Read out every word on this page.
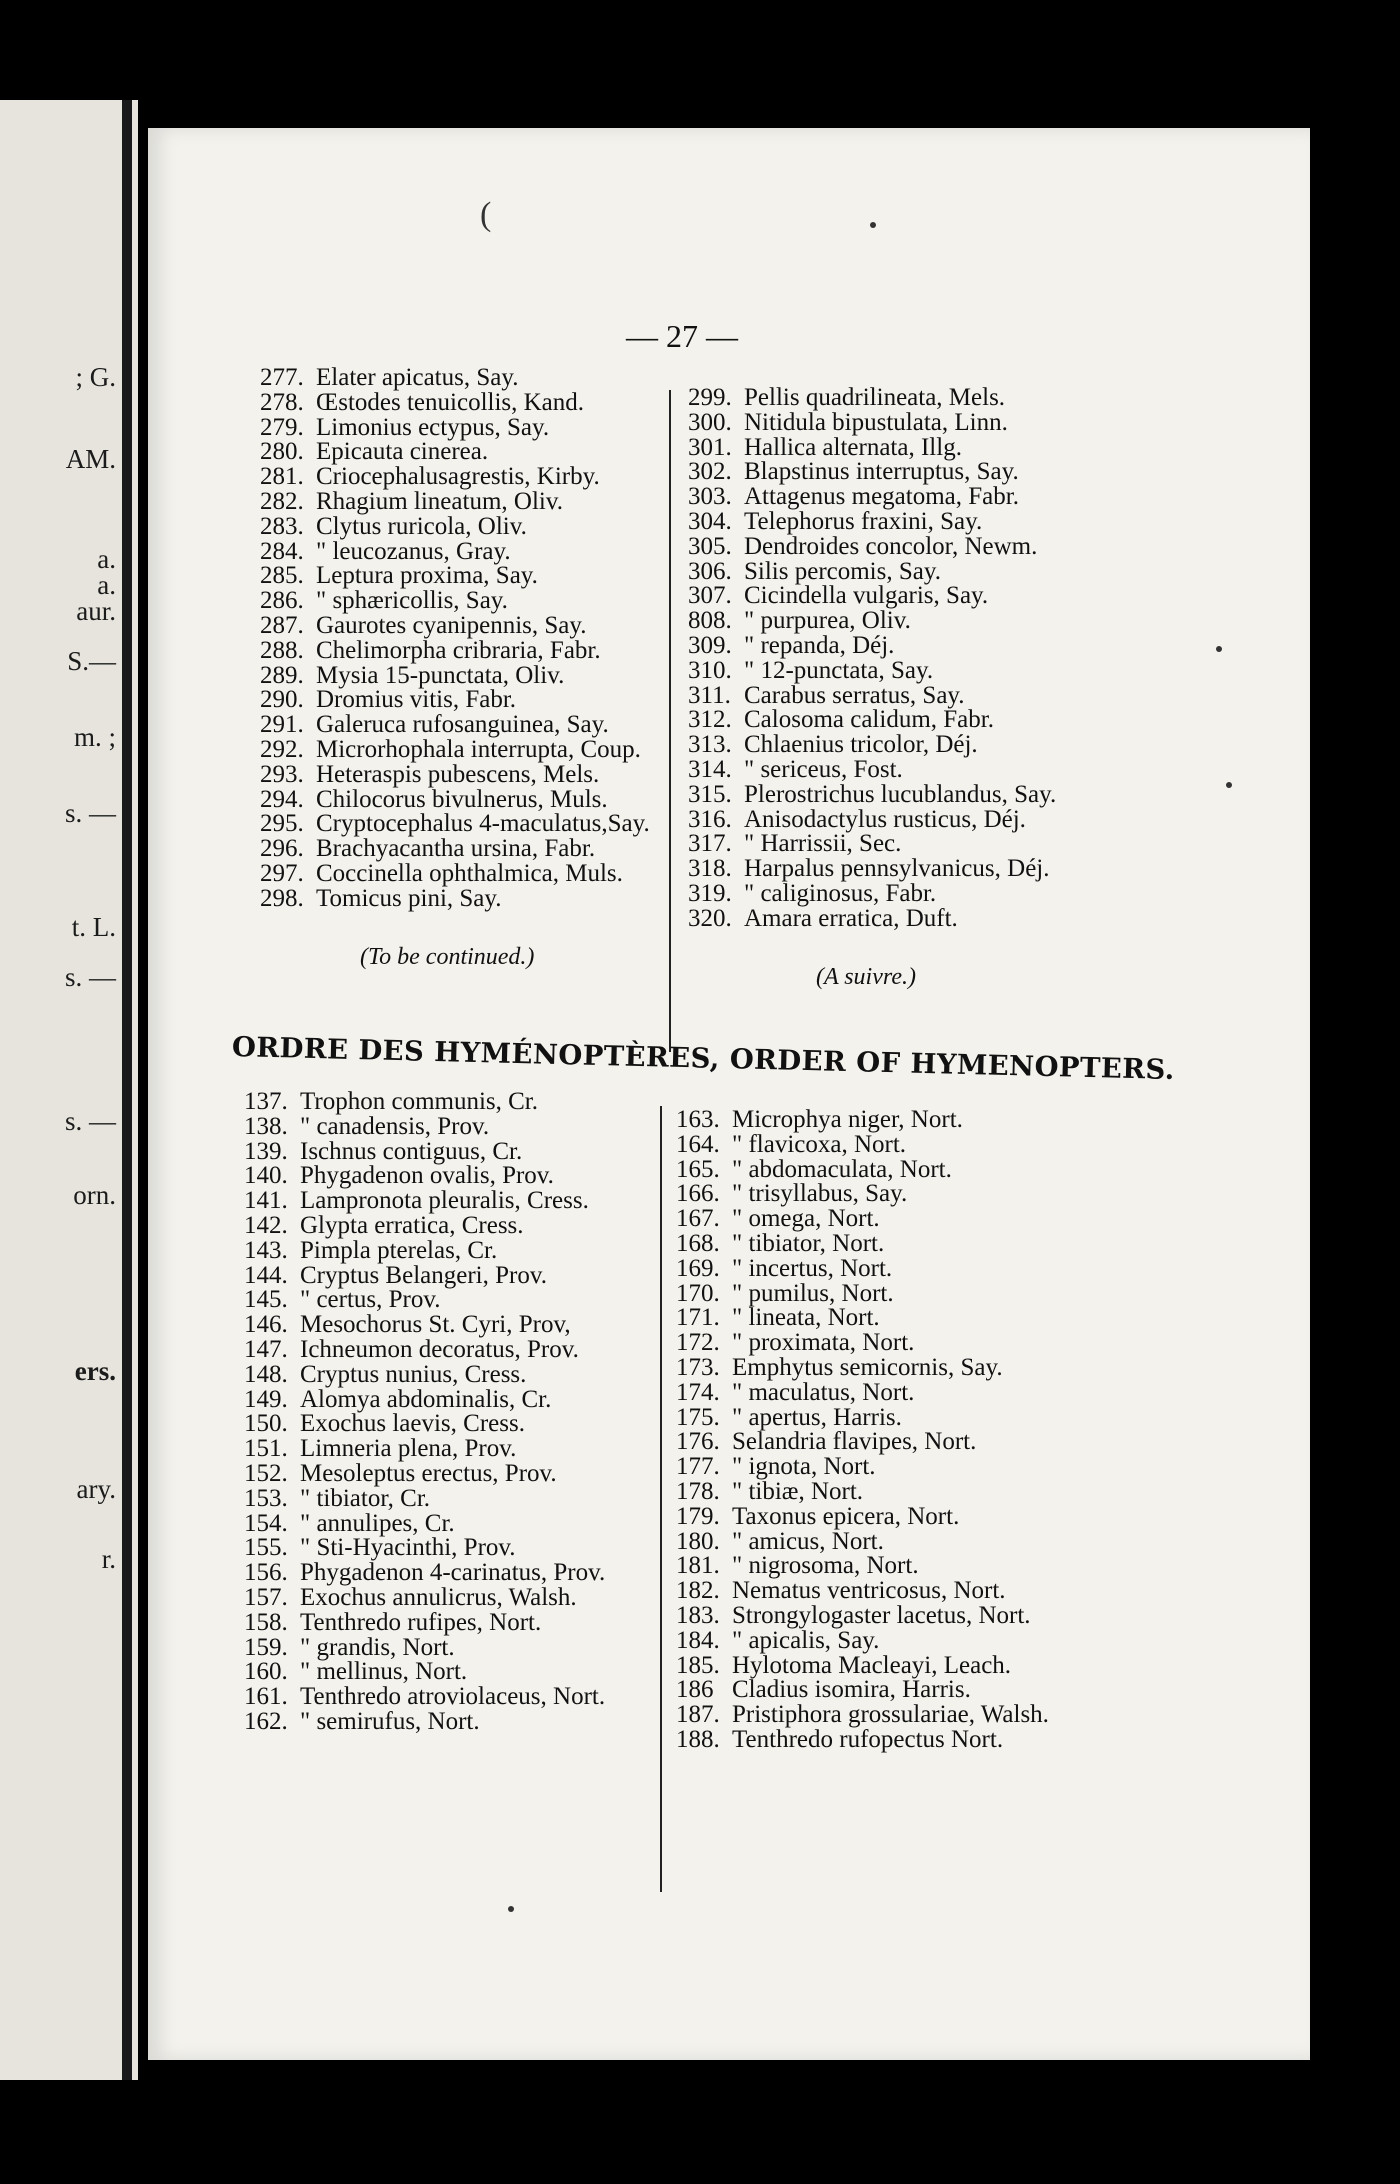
; G.
AM.
a.
a.
aur.
S.—
m. ;
s. —
t. L.
s. —
s. —
orn.
ers.
ary.
r.
(
— 27 —
277. Elater apicatus, Say.
278. Œstodes tenuicollis, Kand.
279. Limonius ectypus, Say.
280. Epicauta cinerea.
281. Criocephalusagrestis, Kirby.
282. Rhagium lineatum, Oliv.
283. Clytus ruricola, Oliv.
284. " leucozanus, Gray.
285. Leptura proxima, Say.
286. " sphæricollis, Say.
287. Gaurotes cyanipennis, Say.
288. Chelimorpha cribraria, Fabr.
289. Mysia 15-punctata, Oliv.
290. Dromius vitis, Fabr.
291. Galeruca rufosanguinea, Say.
292. Microrhophala interrupta, Coup.
293. Heteraspis pubescens, Mels.
294. Chilocorus bivulnerus, Muls.
295. Cryptocephalus 4-maculatus,Say.
296. Brachyacantha ursina, Fabr.
297. Coccinella ophthalmica, Muls.
298. Tomicus pini, Say.
299. Pellis quadrilineata, Mels.
300. Nitidula bipustulata, Linn.
301. Hallica alternata, Illg.
302. Blapstinus interruptus, Say.
303. Attagenus megatoma, Fabr.
304. Telephorus fraxini, Say.
305. Dendroides concolor, Newm.
306. Silis percomis, Say.
307. Cicindella vulgaris, Say.
808. " purpurea, Oliv.
309. " repanda, Déj.
310. " 12-punctata, Say.
311. Carabus serratus, Say.
312. Calosoma calidum, Fabr.
313. Chlaenius tricolor, Déj.
314. " sericeus, Fost.
315. Plerostrichus lucublandus, Say.
316. Anisodactylus rusticus, Déj.
317. " Harrissii, Sec.
318. Harpalus pennsylvanicus, Déj.
319. " caliginosus, Fabr.
320. Amara erratica, Duft.
(To be continued.)
(A suivre.)
ORDRE DES HYMÉNOPTÈRES, ORDER OF HYMENOPTERS.
137. Trophon communis, Cr.
138. " canadensis, Prov.
139. Ischnus contiguus, Cr.
140. Phygadenon ovalis, Prov.
141. Lampronota pleuralis, Cress.
142. Glypta erratica, Cress.
143. Pimpla pterelas, Cr.
144. Cryptus Belangeri, Prov.
145. " certus, Prov.
146. Mesochorus St. Cyri, Prov,
147. Ichneumon decoratus, Prov.
148. Cryptus nunius, Cress.
149. Alomya abdominalis, Cr.
150. Exochus laevis, Cress.
151. Limneria plena, Prov.
152. Mesoleptus erectus, Prov.
153. " tibiator, Cr.
154. " annulipes, Cr.
155. " Sti-Hyacinthi, Prov.
156. Phygadenon 4-carinatus, Prov.
157. Exochus annulicrus, Walsh.
158. Tenthredo rufipes, Nort.
159. " grandis, Nort.
160. " mellinus, Nort.
161. Tenthredo atroviolaceus, Nort.
162. " semirufus, Nort.
163. Microphya niger, Nort.
164. " flavicoxa, Nort.
165. " abdomaculata, Nort.
166. " trisyllabus, Say.
167. " omega, Nort.
168. " tibiator, Nort.
169. " incertus, Nort.
170. " pumilus, Nort.
171. " lineata, Nort.
172. " proximata, Nort.
173. Emphytus semicornis, Say.
174. " maculatus, Nort.
175. " apertus, Harris.
176. Selandria flavipes, Nort.
177. " ignota, Nort.
178. " tibiæ, Nort.
179. Taxonus epicera, Nort.
180. " amicus, Nort.
181. " nigrosoma, Nort.
182. Nematus ventricosus, Nort.
183. Strongylogaster lacetus, Nort.
184. " apicalis, Say.
185. Hylotoma Macleayi, Leach.
186 Cladius isomira, Harris.
187. Pristiphora grossulariae, Walsh.
188. Tenthredo rufopectus Nort.
